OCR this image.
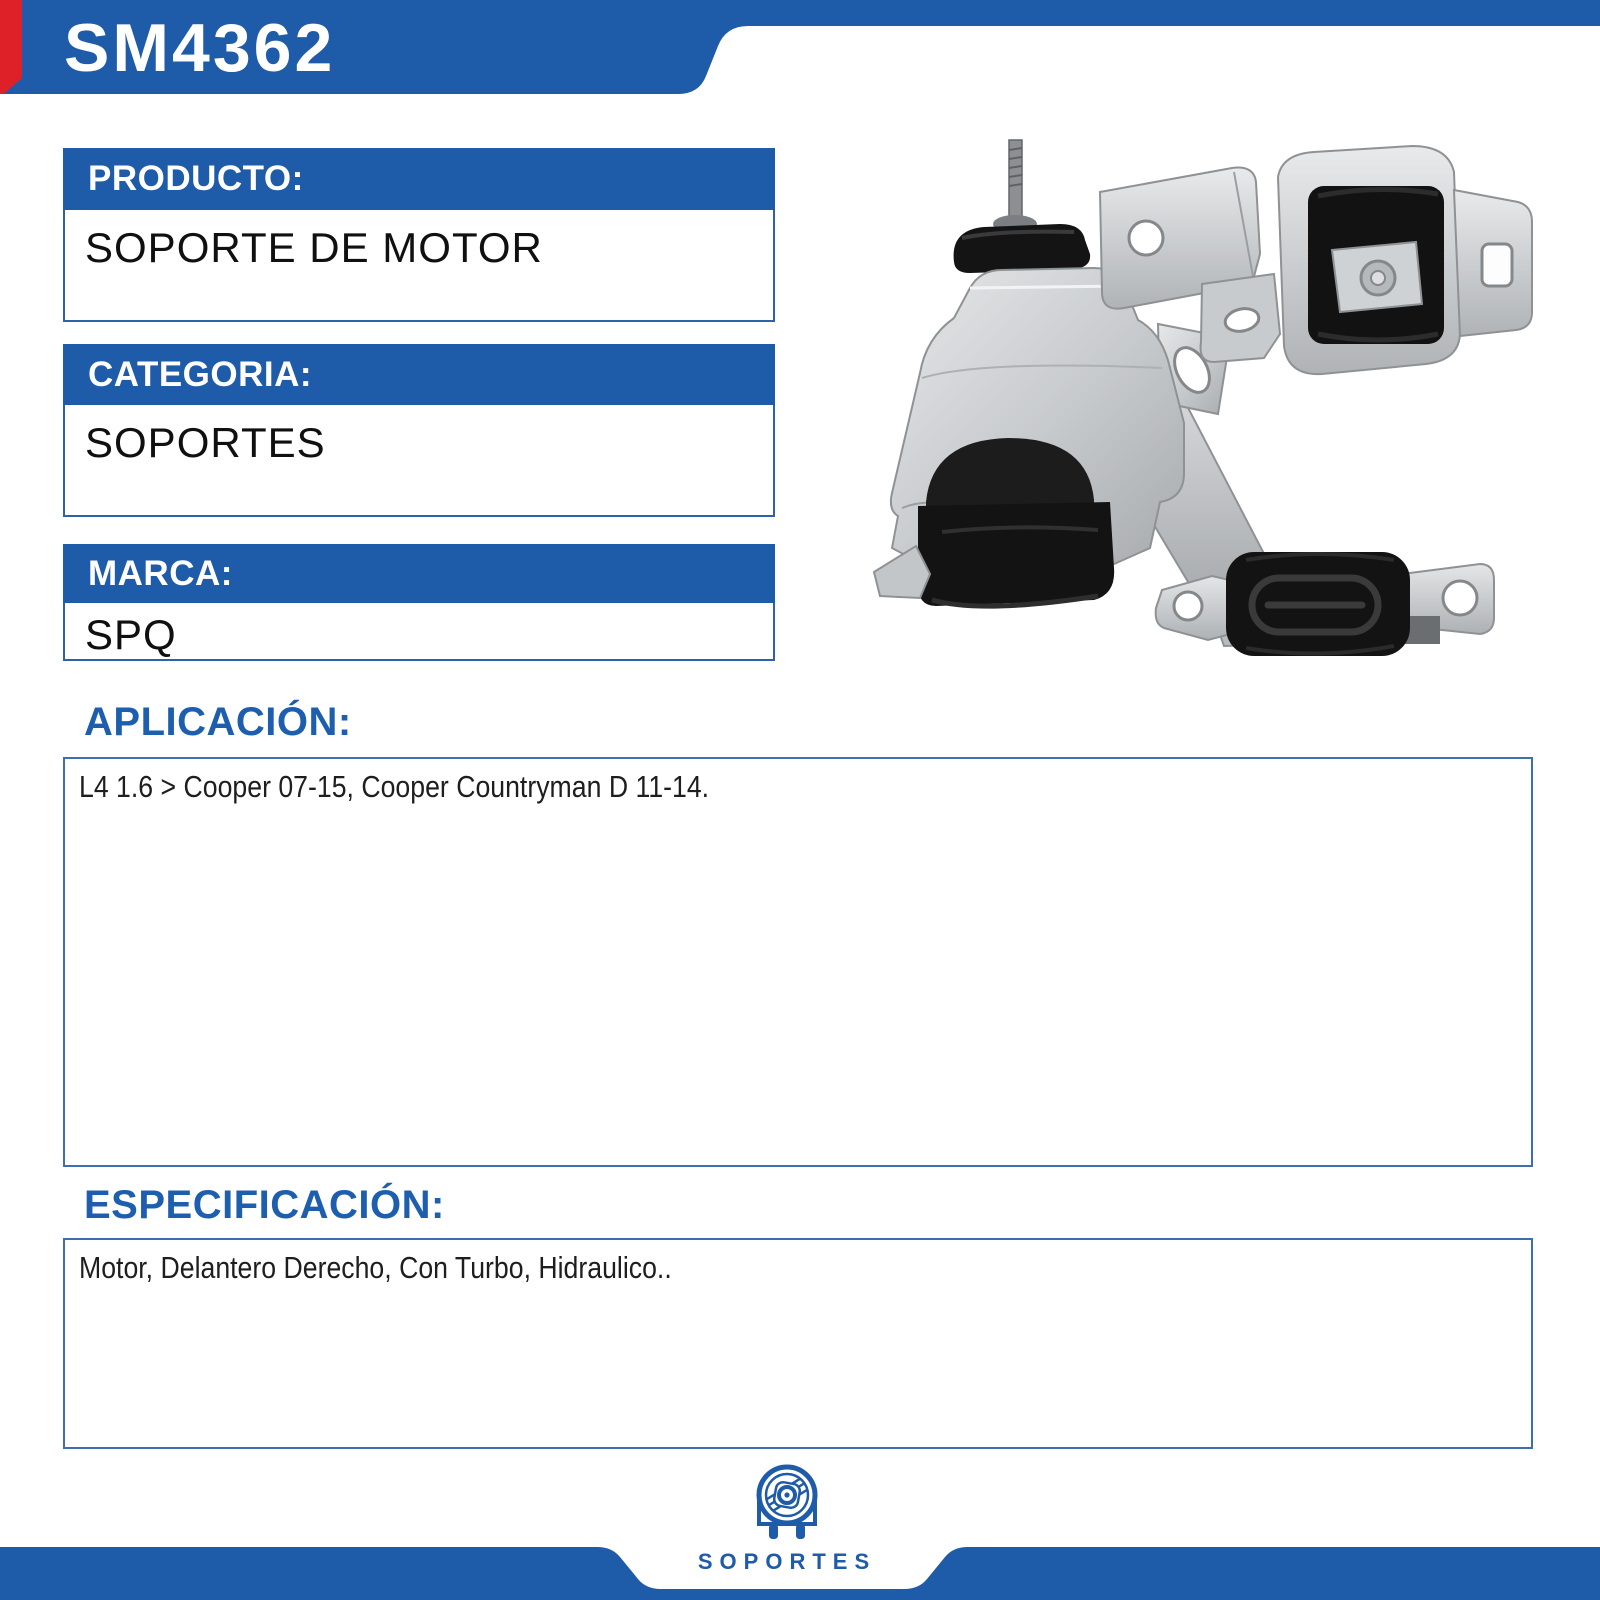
SM4362
PRODUCTO:
SOPORTE DE MOTOR
CATEGORIA:
SOPORTES
MARCA:
SPQ
APLICACIÓN:
L4 1.6 > Cooper 07-15, Cooper Countryman D 11-14.
ESPECIFICACIÓN:
Motor, Delantero Derecho, Con Turbo, Hidraulico..
SOPORTES
